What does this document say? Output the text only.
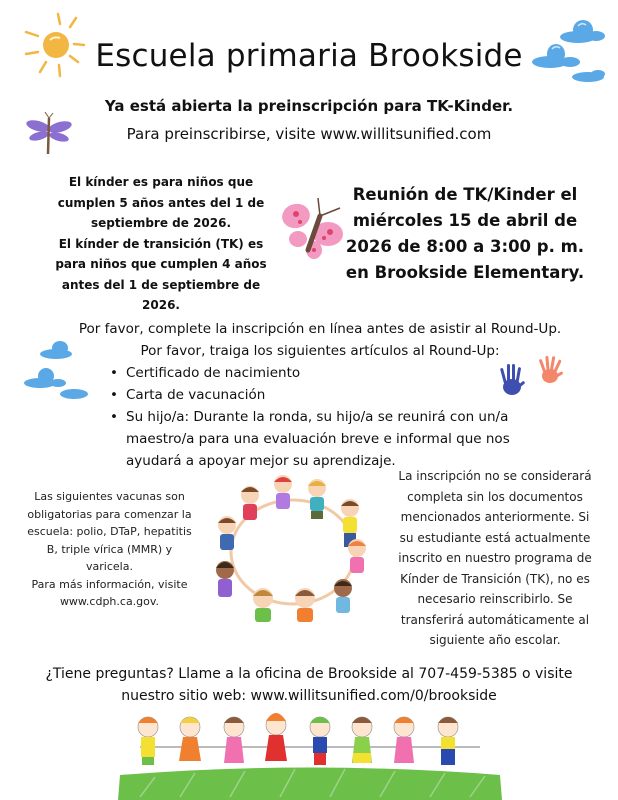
Escuela primaria Brookside
Ya está abierta la preinscripción para TK-Kinder.
Para preinscribirse, visite www.willitsunified.com
El kínder es para niños que
cumplen 5 años antes del 1 de
septiembre de 2026.
El kínder de transición (TK) es
para niños que cumplen 4 años
antes del 1 de septiembre de
2026.
Reunión de TK/Kinder el
miércoles 15 de abril de
2026 de 8:00 a 3:00 p. m.
en Brookside Elementary.
Por favor, complete la inscripción en línea antes de asistir al Round-Up.
Por favor, traiga los siguientes artículos al Round-Up:
• Certificado de nacimiento
• Carta de vacunación
• Su hijo/a: Durante la ronda, su hijo/a se reunirá con un/a maestro/a para una evaluación breve e informal que nos ayudará a apoyar mejor su aprendizaje.
Las siguientes vacunas son
obligatorias para comenzar la
escuela: polio, DTaP, hepatitis
B, triple vírica (MMR) y varicela.
Para más información, visite
www.cdph.ca.gov.
La inscripción no se considerará
completa sin los documentos
mencionados anteriormente. Si
su estudiante está actualmente
inscrito en nuestro programa de
Kínder de Transición (TK), no es
necesario reinscribirlo. Se
transferirá automáticamente al
siguiente año escolar.
¿Tiene preguntas? Llame a la oficina de Brookside al 707-459-5385 o visite
nuestro sitio web: www.willitsunified.com/0/brookside
